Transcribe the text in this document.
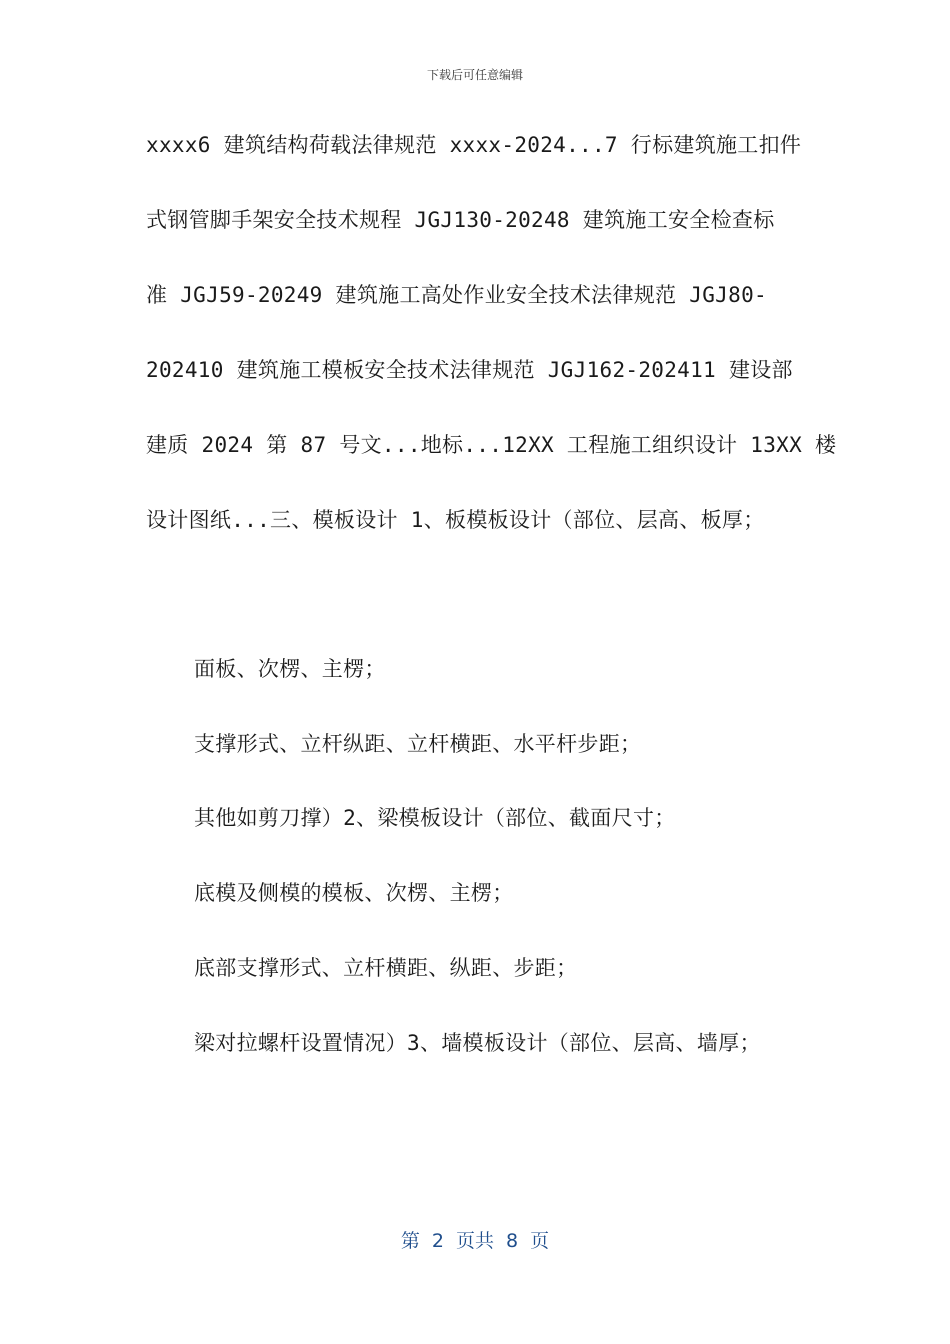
下载后可任意编辑
xxxx6 建筑结构荷载法律规范 xxxx-2024...7 行标建筑施工扣件
式钢管脚手架安全技术规程 JGJ130-20248 建筑施工安全检查标
准 JGJ59-20249 建筑施工高处作业安全技术法律规范 JGJ80-
202410 建筑施工模板安全技术法律规范 JGJ162-202411 建设部
建质 2024 第 87 号文...地标...12XX 工程施工组织设计 13XX 楼
设计图纸...三、模板设计 1、板模板设计（部位、层高、板厚；
面板、次楞、主楞；
支撑形式、立杆纵距、立杆横距、水平杆步距；
其他如剪刀撑）2、梁模板设计（部位、截面尺寸；
底模及侧模的模板、次楞、主楞；
底部支撑形式、立杆横距、纵距、步距；
梁对拉螺杆设置情况）3、墙模板设计（部位、层高、墙厚；
第 2 页共 8 页
